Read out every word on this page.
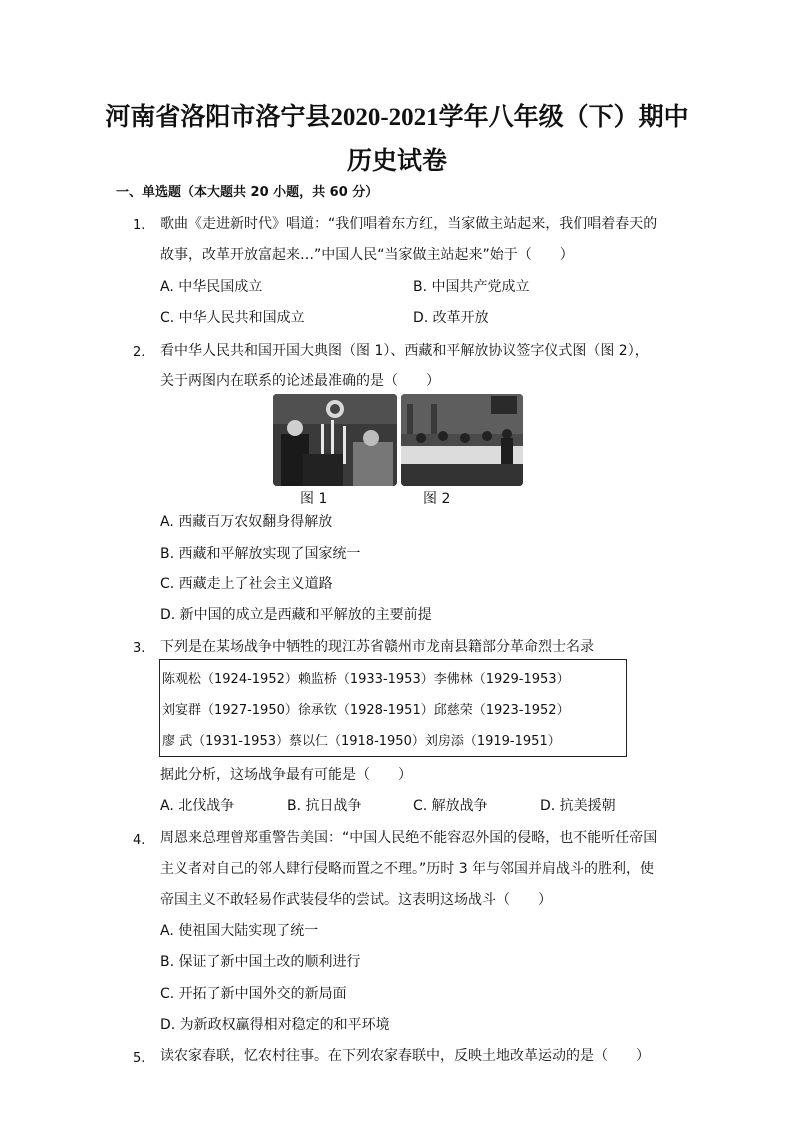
河南省洛阳市洛宁县2020-2021学年八年级（下）期中
历史试卷
一、单选题（本大题共 20 小题，共 60 分）
1. 歌曲《走进新时代》唱道：“我们唱着东方红，当家做主站起来，我们唱着春天的
故事，改革开放富起来…”中国人民“当家做主站起来”始于（　　）
A. 中华民国成立	B. 中国共产党成立
C. 中华人民共和国成立	D. 改革开放
2. 看中华人民共和国开国大典图（图 1）、西藏和平解放协议签字仪式图（图 2），
关于两图内在联系的论述最准确的是（　　）
图 1	图 2
A. 西藏百万农奴翻身得解放
B. 西藏和平解放实现了国家统一
C. 西藏走上了社会主义道路
D. 新中国的成立是西藏和平解放的主要前提
3. 下列是在某场战争中牺牲的现江苏省赣州市龙南县籍部分革命烈士名录
陈观松（1924-1952）赖监桥（1933-1953）李佛林（1929-1953）
刘宴群（1927-1950）徐承钦（1928-1951）邱慈荣（1923-1952）
廖 武（1931-1953）蔡以仁（1918-1950）刘房添（1919-1951）
据此分析，这场战争最有可能是（　　）
A. 北伐战争	B. 抗日战争	C. 解放战争	D. 抗美援朝
4. 周恩来总理曾郑重警告美国：“中国人民绝不能容忍外国的侵略，也不能听任帝国
主义者对自己的邻人肆行侵略而置之不理。”历时 3 年与邻国并肩战斗的胜利，使
帝国主义不敢轻易作武装侵华的尝试。这表明这场战斗（　　）
A. 使祖国大陆实现了统一
B. 保证了新中国土改的顺利进行
C. 开拓了新中国外交的新局面
D. 为新政权赢得相对稳定的和平环境
5. 读农家春联，忆农村往事。在下列农家春联中，反映土地改革运动的是（　　）
